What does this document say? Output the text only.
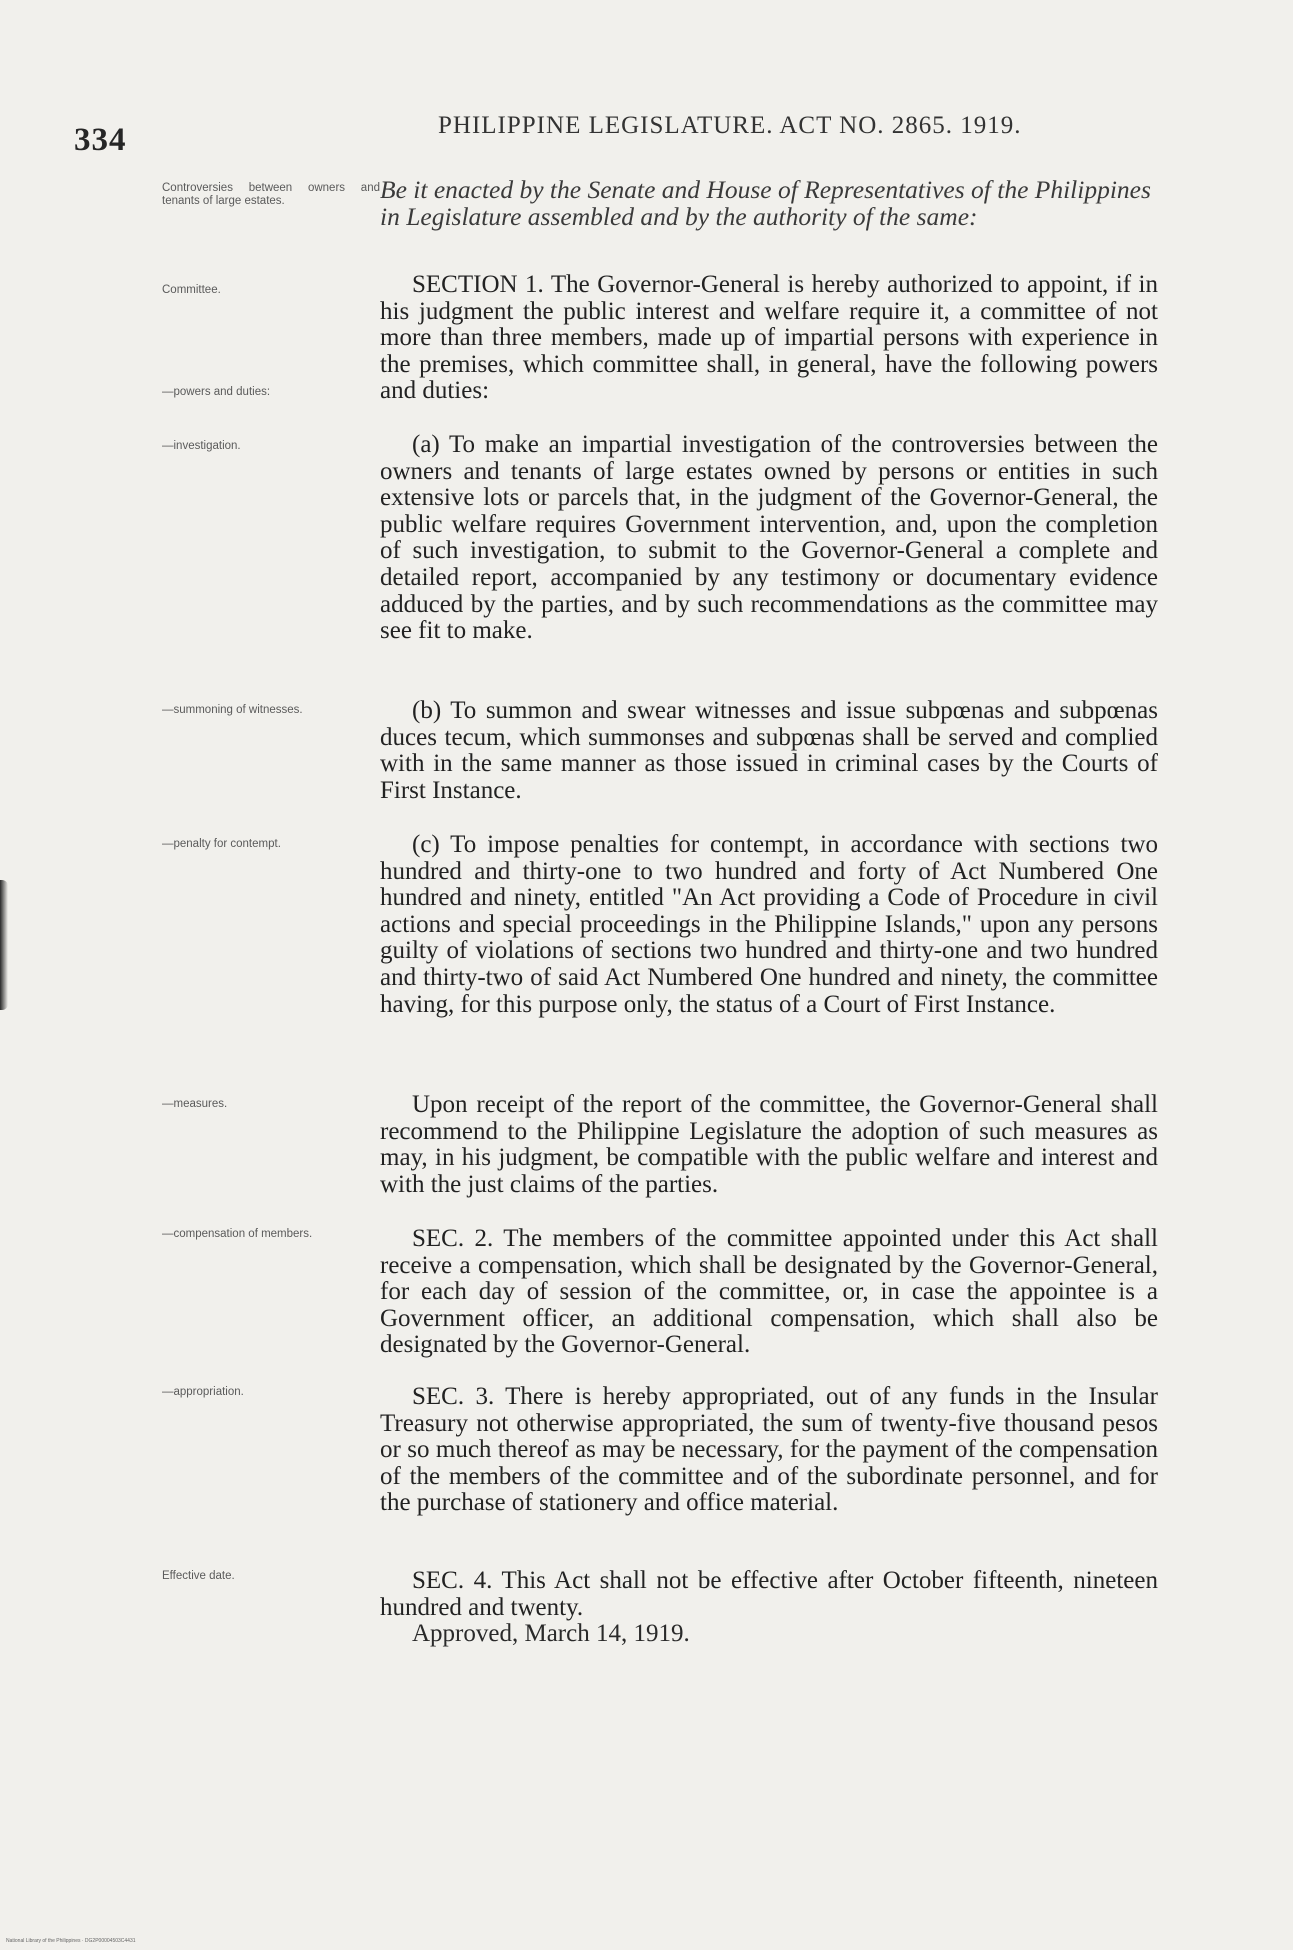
334	PHILIPPINE LEGISLATURE. ACT NO. 2865. 1919.
Controversies between owners and tenants of large estates.
Committee.
—powers and duties:
—investigation.
—summoning of witnesses.
—penalty for contempt.
—measures.
—compensation of members.
—appropriation.
Effective date.
Be it enacted by the Senate and House of Representatives of the Philippines in Legislature assembled and by the authority of the same:

SECTION 1. The Governor-General is hereby authorized to appoint, if in his judgment the public interest and welfare require it, a committee of not more than three members, made up of impartial persons with experience in the premises, which committee shall, in general, have the following powers and duties:

(a) To make an impartial investigation of the controversies between the owners and tenants of large estates owned by persons or entities in such extensive lots or parcels that, in the judgment of the Governor-General, the public welfare requires Government intervention, and, upon the completion of such investigation, to submit to the Governor-General a complete and detailed report, accompanied by any testimony or documentary evidence adduced by the parties, and by such recommendations as the committee may see fit to make.

(b) To summon and swear witnesses and issue subpœnas and subpœnas duces tecum, which summonses and subpœnas shall be served and complied with in the same manner as those issued in criminal cases by the Courts of First Instance.

(c) To impose penalties for contempt, in accordance with sections two hundred and thirty-one to two hundred and forty of Act Numbered One hundred and ninety, entitled "An Act providing a Code of Procedure in civil actions and special proceedings in the Philippine Islands," upon any persons guilty of violations of sections two hundred and thirty-one and two hundred and thirty-two of said Act Numbered One hundred and ninety, the committee having, for this purpose only, the status of a Court of First Instance.

Upon receipt of the report of the committee, the Governor-General shall recommend to the Philippine Legislature the adoption of such measures as may, in his judgment, be compatible with the public welfare and interest and with the just claims of the parties.

SEC. 2. The members of the committee appointed under this Act shall receive a compensation, which shall be designated by the Governor-General, for each day of session of the committee, or, in case the appointee is a Government officer, an additional compensation, which shall also be designated by the Governor-General.

SEC. 3. There is hereby appropriated, out of any funds in the Insular Treasury not otherwise appropriated, the sum of twenty-five thousand pesos or so much thereof as may be necessary, for the payment of the compensation of the members of the committee and of the subordinate personnel, and for the purchase of stationery and office material.

SEC. 4. This Act shall not be effective after October fifteenth, nineteen hundred and twenty.

Approved, March 14, 1919.
National Library of the Philippines · DG2P00004503C4431
